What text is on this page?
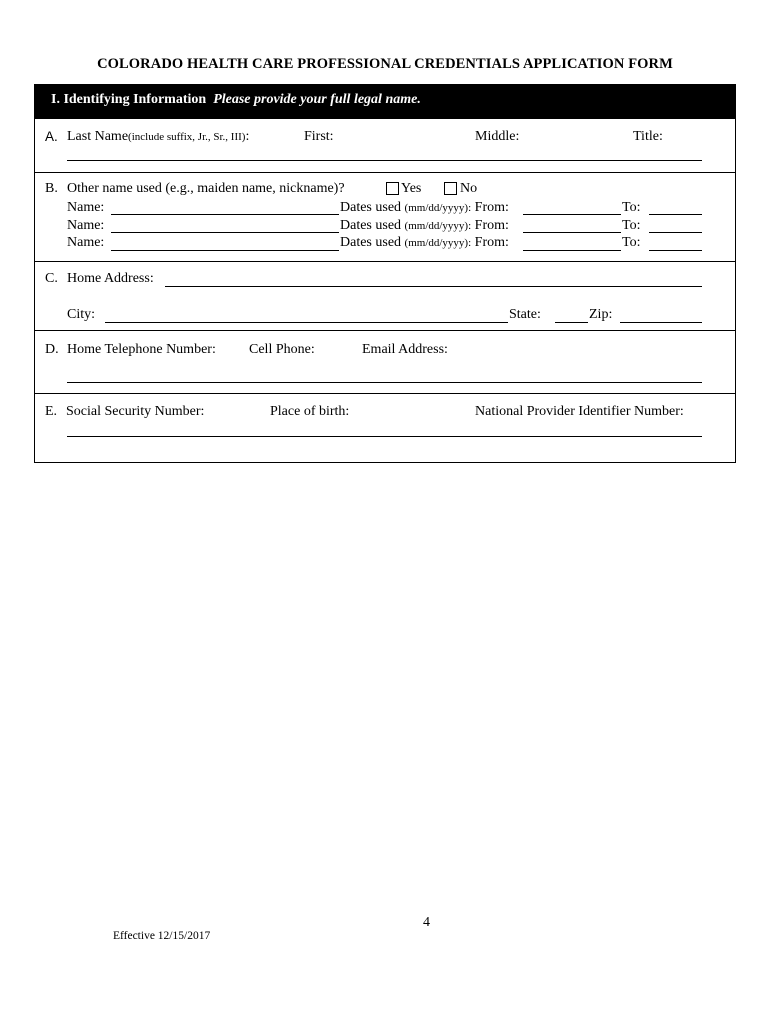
COLORADO HEALTH CARE PROFESSIONAL CREDENTIALS APPLICATION FORM
I. Identifying Information Please provide your full legal name.
A. Last Name(include suffix, Jr., Sr., III):	First:	Middle:	Title:
B. Other name used (e.g., maiden name, nickname)?	Yes	No
Name:	Dates used (mm/dd/yyyy): From:	To:
Name:	Dates used (mm/dd/yyyy): From:	To:
Name:	Dates used (mm/dd/yyyy): From:	To:
C. Home Address:
City:	State:	Zip:
D. Home Telephone Number: Cell Phone:	Email Address:
E. Social Security Number:	Place of birth:	National Provider Identifier Number:
4
Effective 12/15/2017
